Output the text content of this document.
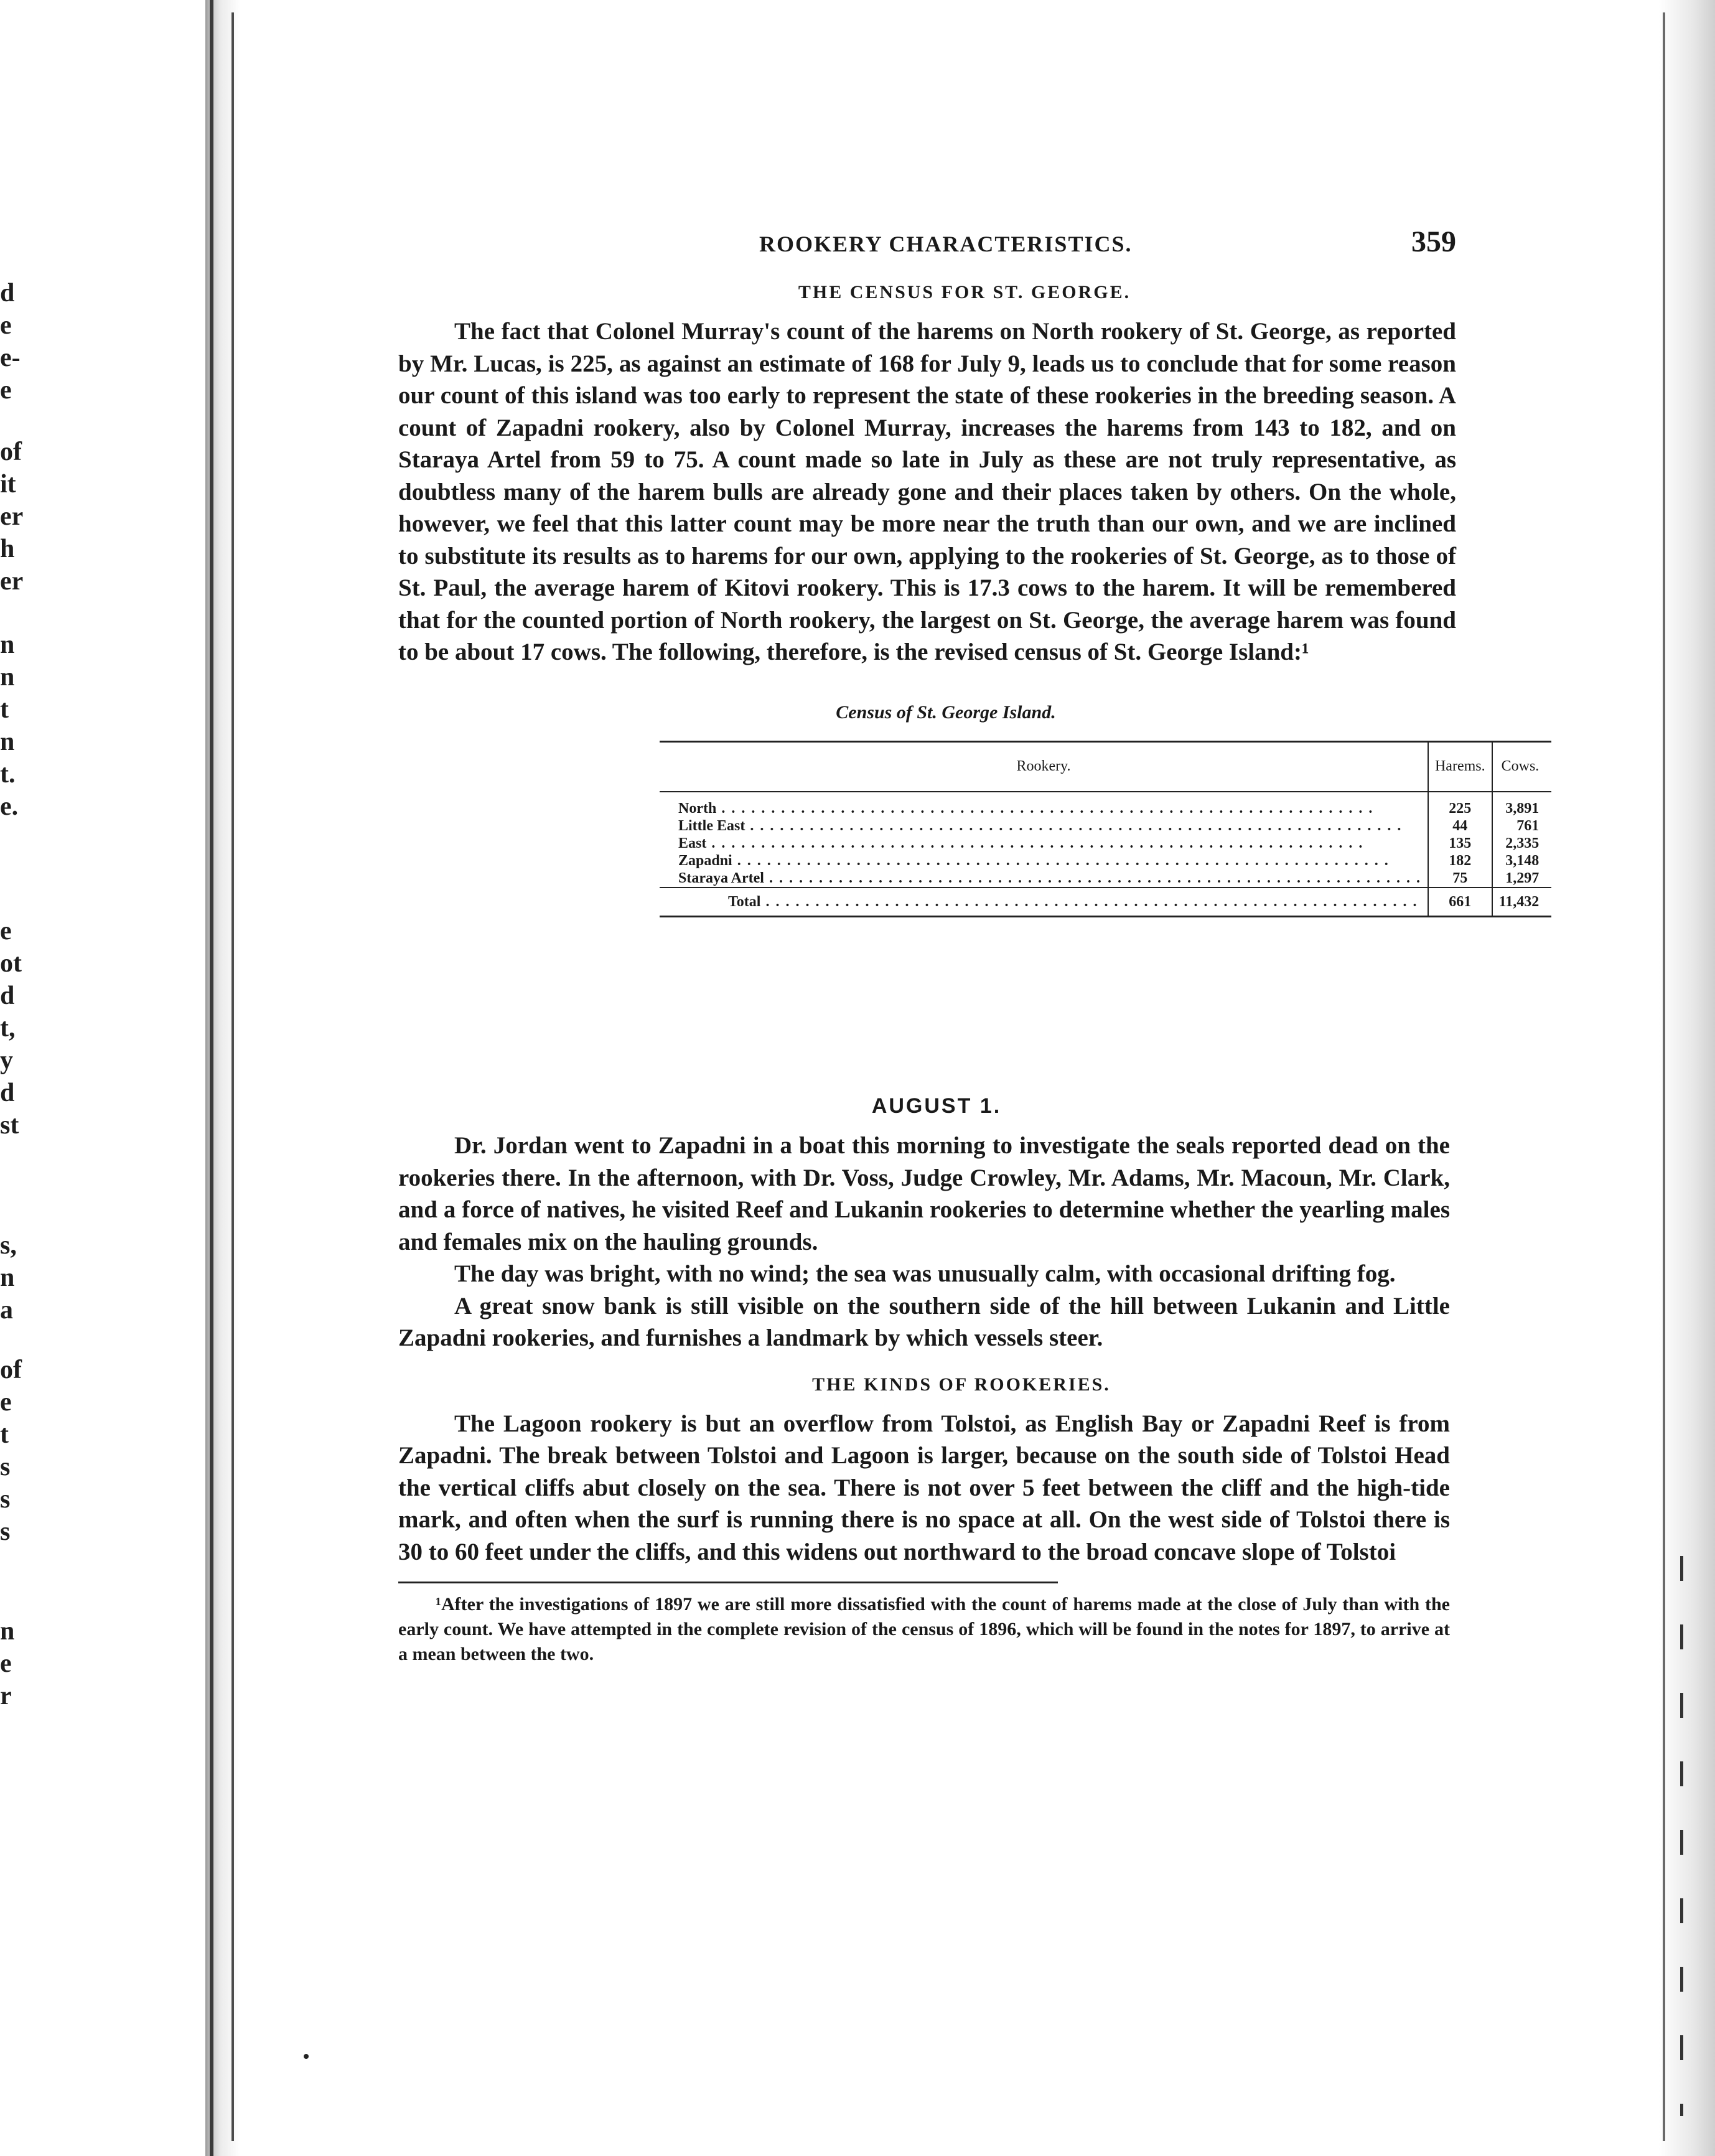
d
e
e-
e
of
it
er
h
er
n
n
t
n
t.
e.
e
ot
d
t,
y
d
st
s,
n
a
of
e
t
s
s
s
n
e
r
ROOKERY CHARACTERISTICS.	359
THE CENSUS FOR ST. GEORGE.

The fact that Colonel Murray's count of the harems on North rookery of St. George, as reported by Mr. Lucas, is 225, as against an estimate of 168 for July 9, leads us to conclude that for some reason our count of this island was too early to represent the state of these rookeries in the breeding season. A count of Zapadni rookery, also by Colonel Murray, increases the harems from 143 to 182, and on Staraya Artel from 59 to 75. A count made so late in July as these are not truly representative, as doubtless many of the harem bulls are already gone and their places taken by others. On the whole, however, we feel that this latter count may be more near the truth than our own, and we are inclined to substitute its results as to harems for our own, applying to the rookeries of St. George, as to those of St. Paul, the average harem of Kitovi rookery. This is 17.3 cows to the harem. It will be remembered that for the counted portion of North rookery, the largest on St. George, the average harem was found to be about 17 cows. The following, therefore, is the revised census of St. George Island:¹

Census of St. George Island.
Rookery.	Harems.	Cows.
North . . .	225	3,891
Little East . . .	44	761
East . . .	135	2,335
Zapadni . . .	182	3,148
Staraya Artel . . .	75	1,297
Total . . .	661	11,432
AUGUST 1.

Dr. Jordan went to Zapadni in a boat this morning to investigate the seals reported dead on the rookeries there. In the afternoon, with Dr. Voss, Judge Crowley, Mr. Adams, Mr. Macoun, Mr. Clark, and a force of natives, he visited Reef and Lukanin rookeries to determine whether the yearling males and females mix on the hauling grounds.

The day was bright, with no wind; the sea was unusually calm, with occasional drifting fog.

A great snow bank is still visible on the southern side of the hill between Lukanin and Little Zapadni rookeries, and furnishes a landmark by which vessels steer.

THE KINDS OF ROOKERIES.

The Lagoon rookery is but an overflow from Tolstoi, as English Bay or Zapadni Reef is from Zapadni. The break between Tolstoi and Lagoon is larger, because on the south side of Tolstoi Head the vertical cliffs abut closely on the sea. There is not over 5 feet between the cliff and the high-tide mark, and often when the surf is running there is no space at all. On the west side of Tolstoi there is 30 to 60 feet under the cliffs, and this widens out northward to the broad concave slope of Tolstoi

¹After the investigations of 1897 we are still more dissatisfied with the count of harems made at the close of July than with the early count. We have attempted in the complete revision of the census of 1896, which will be found in the notes for 1897, to arrive at a mean between the two.
